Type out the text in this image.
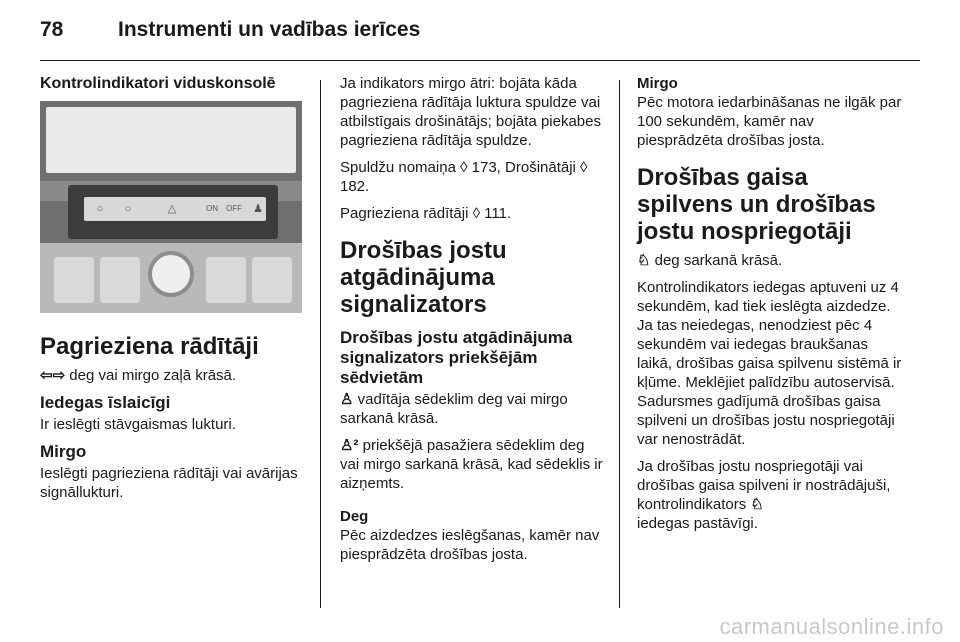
78	Instrumenti un vadības ierīces
Kontrolindikatori viduskonsolē
○	○	△	ON OFF ♟
Pagrieziena rādītāji

⇦⇨ deg vai mirgo zaļā krāsā.

Iedegas īslaicīgi

Ir ieslēgti stāvgaismas lukturi.

Mirgo

Ieslēgti pagrieziena rādītāji vai avārijas signāllukturi.

Ja indikators mirgo ātri: bojāta kāda pagrieziena rādītāja luktura spuldze vai atbilstīgais drošinātājs; bojāta piekabes pagrieziena rādītāja spuldze.

Spuldžu nomaiņa ◊ 173, Drošinātāji ◊ 182.

Pagrieziena rādītāji ◊ 111.

Drošības jostu atgādinājuma signalizators
Drošības jostu atgādinājuma signalizators priekšējām sēdvietām

♙ vadītāja sēdeklim deg vai mirgo sarkanā krāsā.

♙² priekšējā pasažiera sēdeklim deg vai mirgo sarkanā krāsā, kad sēdeklis ir aizņemts.

Deg

Pēc aizdedzes ieslēgšanas, kamēr nav piesprādzēta drošības josta.

Mirgo

Pēc motora iedarbināšanas ne ilgāk par 100 sekundēm, kamēr nav piesprādzēta drošības josta.

Drošības gaisa spilvens un drošības jostu nospriegotāji

♘ deg sarkanā krāsā.

Kontrolindikators iedegas aptuveni uz 4 sekundēm, kad tiek ieslēgta aizdedze. Ja tas neiedegas, nenodziest pēc 4 sekundēm vai iedegas braukšanas laikā, drošības gaisa spilvenu sistēmā ir kļūme. Meklējiet palīdzību autoservisā. Sadursmes gadījumā drošības gaisa spilveni un drošības jostu nospriegotāji var nenostrādāt.

Ja drošības jostu nospriegotāji vai drošības gaisa spilveni ir nostrādājuši, kontrolindikators ♘
iedegas pastāvīgi.

carmanualsonline.info
